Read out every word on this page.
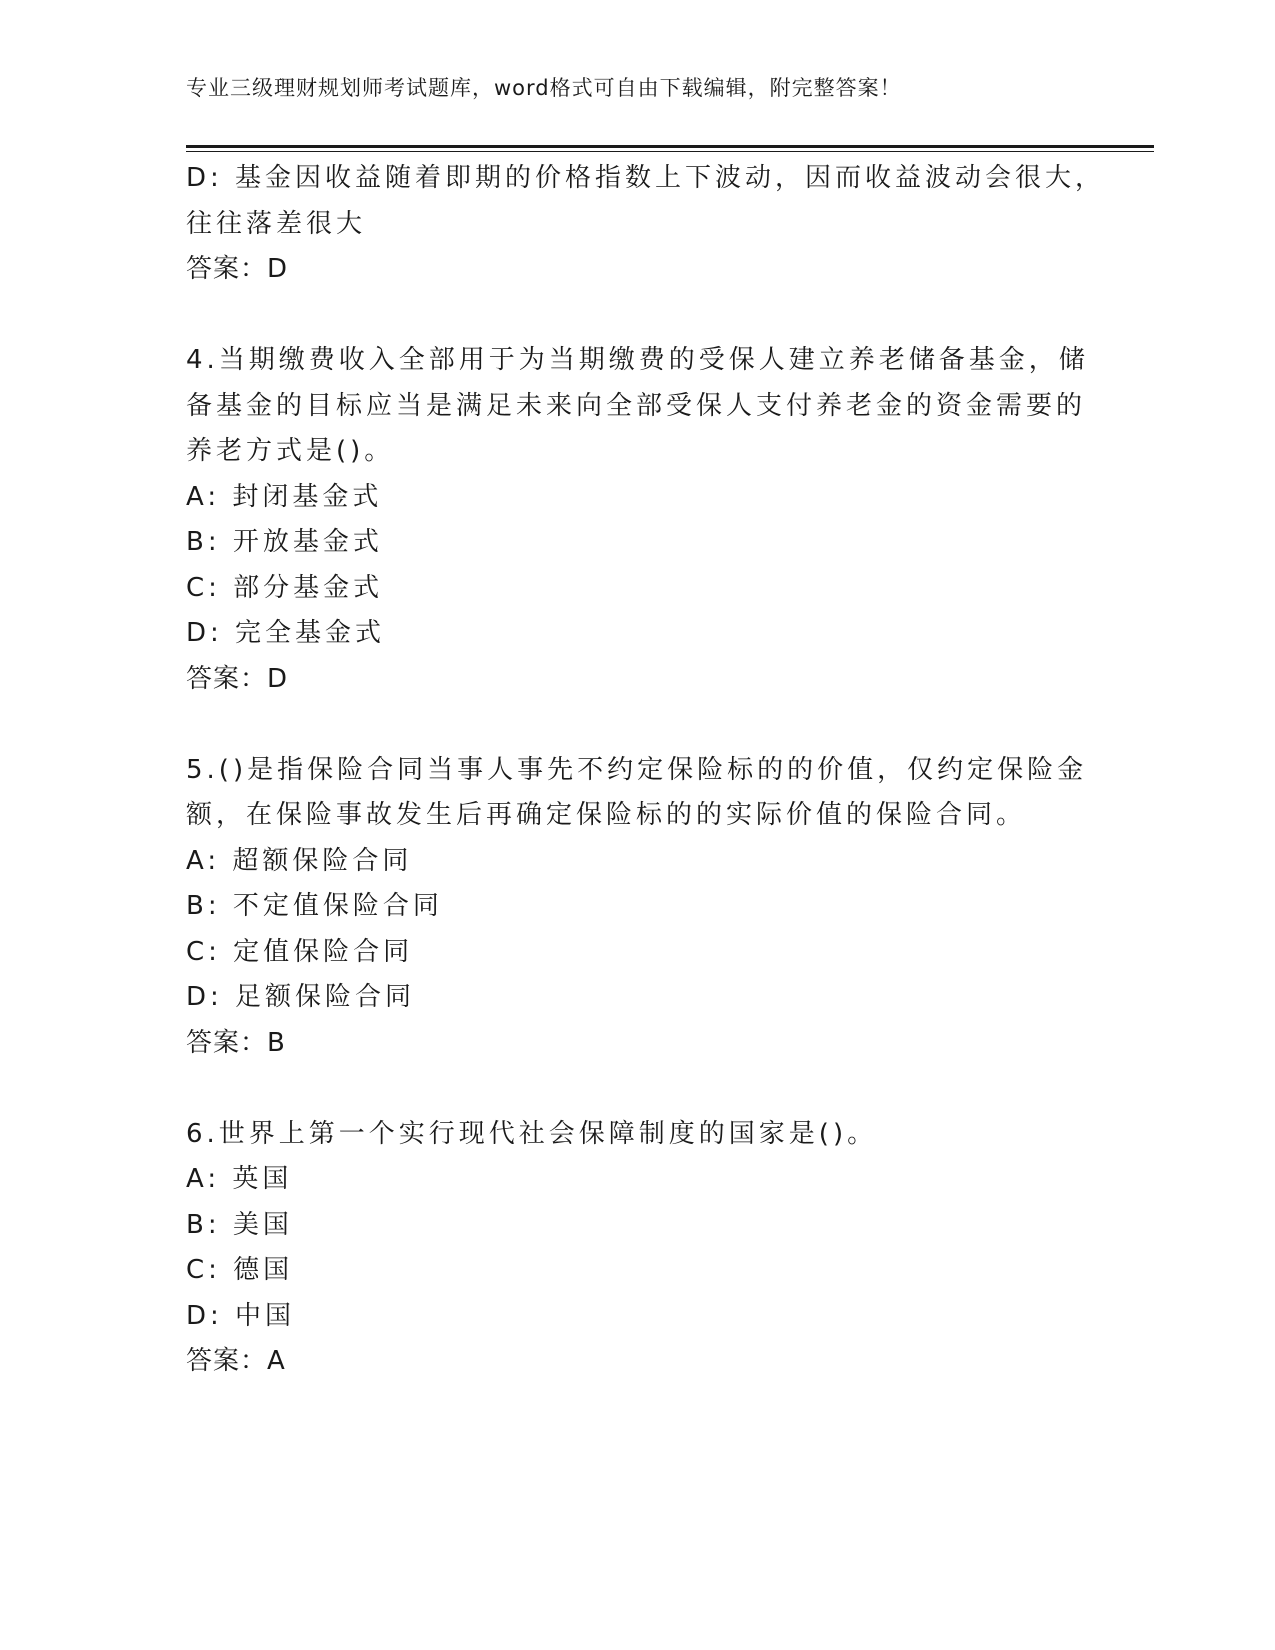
专业三级理财规划师考试题库，word格式可自由下载编辑，附完整答案！
D: 基金因收益随着即期的价格指数上下波动，因而收益波动会很大，
往往落差很大
答案：D
4.当期缴费收入全部用于为当期缴费的受保人建立养老储备基金，储
备基金的目标应当是满足未来向全部受保人支付养老金的资金需要的
养老方式是()。
A: 封闭基金式
B: 开放基金式
C: 部分基金式
D: 完全基金式
答案：D
5.()是指保险合同当事人事先不约定保险标的的价值，仅约定保险金
额，在保险事故发生后再确定保险标的的实际价值的保险合同。
A: 超额保险合同
B: 不定值保险合同
C: 定值保险合同
D: 足额保险合同
答案：B
6.世界上第一个实行现代社会保障制度的国家是()。
A: 英国
B: 美国
C: 德国
D: 中国
答案：A
